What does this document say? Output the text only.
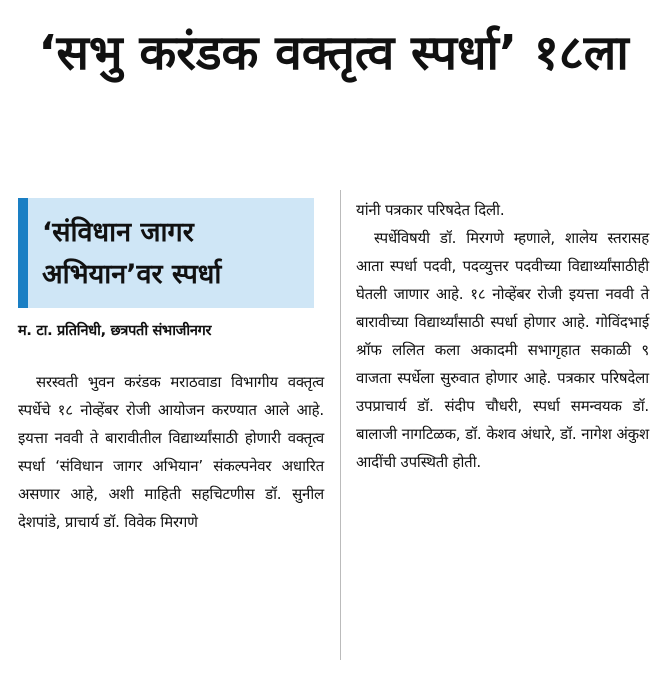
‘सभु करंडक वक्तृत्व स्पर्धा’ १८ला
‘संविधान जागर अभियान’वर स्पर्धा

म. टा. प्रतिनिधी, छत्रपती संभाजीनगर

सरस्वती भुवन करंडक मराठवाडा विभागीय वक्तृत्व स्पर्धेचे १८ नोव्हेंबर रोजी आयोजन करण्यात आले आहे. इयत्ता नववी ते बारावीतील विद्यार्थ्यांसाठी होणारी वक्तृत्व स्पर्धा ‘संविधान जागर अभियान’ संकल्पनेवर अधारित असणार आहे, अशी माहिती सहचिटणीस डॉ. सुनील देशपांडे, प्राचार्य डॉ. विवेक मिरगणे

यांनी पत्रकार परिषदेत दिली.
स्पर्धेविषयी डॉ. मिरगणे म्हणाले, शालेय स्तरासह आता स्पर्धा पदवी, पदव्युत्तर पदवीच्या विद्यार्थ्यांसाठीही घेतली जाणार आहे. १८ नोव्हेंबर रोजी इयत्ता नववी ते बारावीच्या विद्यार्थ्यांसाठी स्पर्धा होणार आहे. गोविंदभाई श्रॉफ ललित कला अकादमी सभागृहात सकाळी ९ वाजता स्पर्धेला सुरुवात होणार आहे. पत्रकार परिषदेला उपप्राचार्य डॉ. संदीप चौधरी, स्पर्धा समन्वयक डॉ. बालाजी नागटिळक, डॉ. केशव अंधारे, डॉ. नागेश अंकुश आदींची उपस्थिती होती.
